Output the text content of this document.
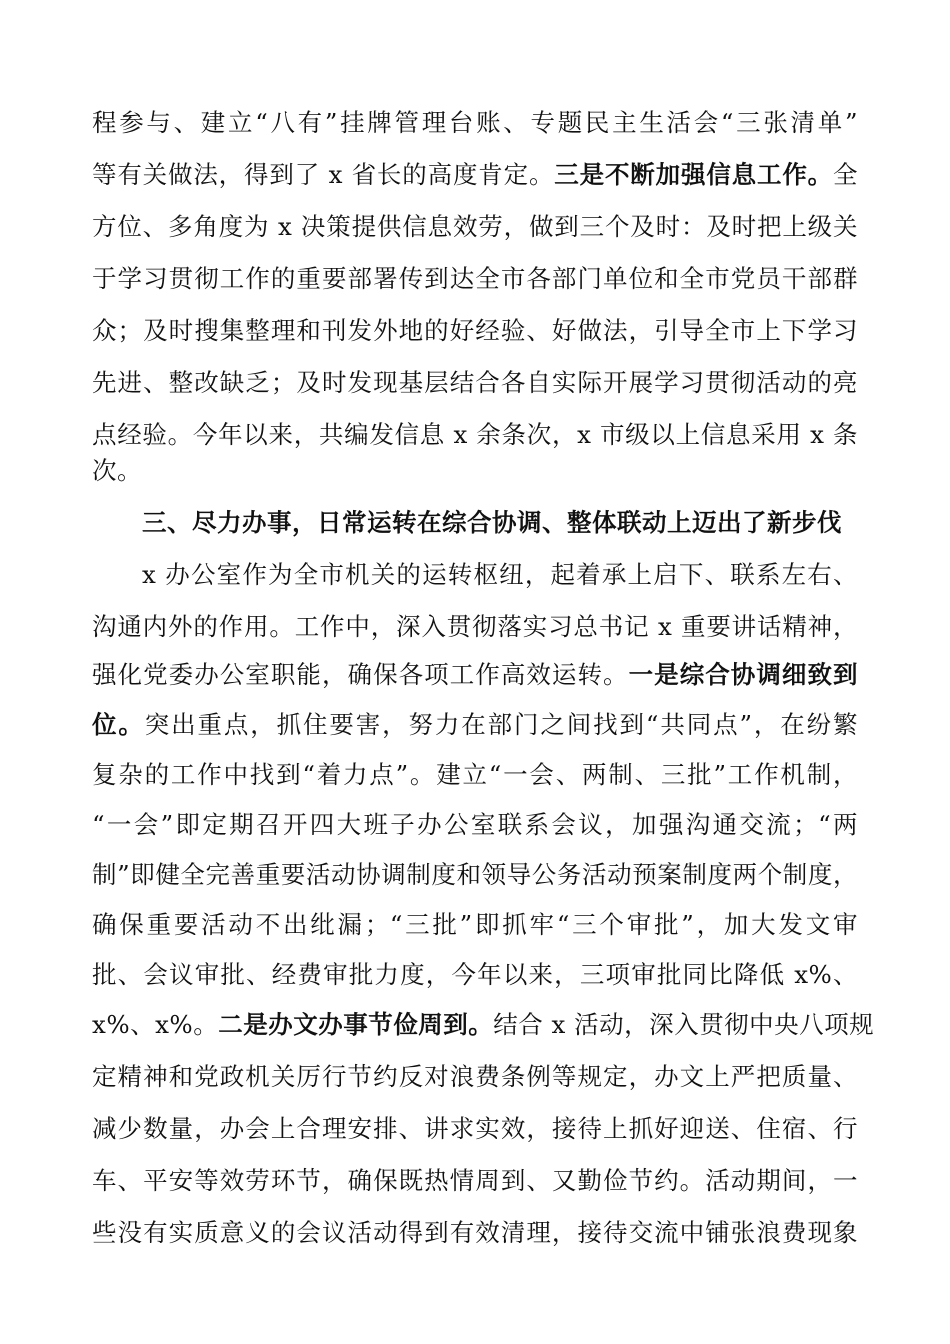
程参与、建立“八有”挂牌管理台账、专题民主生活会“三张清单”
等有关做法，得到了 x 省长的高度肯定。三是不断加强信息工作。全
方位、多角度为 x 决策提供信息效劳，做到三个及时：及时把上级关
于学习贯彻工作的重要部署传到达全市各部门单位和全市党员干部群
众；及时搜集整理和刊发外地的好经验、好做法，引导全市上下学习
先进、整改缺乏；及时发现基层结合各自实际开展学习贯彻活动的亮
点经验。今年以来，共编发信息 x 余条次，x 市级以上信息采用 x 条
次。
三、尽力办事，日常运转在综合协调、整体联动上迈出了新步伐
x 办公室作为全市机关的运转枢纽，起着承上启下、联系左右、
沟通内外的作用。工作中，深入贯彻落实习总书记 x 重要讲话精神，
强化党委办公室职能，确保各项工作高效运转。一是综合协调细致到
位。突出重点，抓住要害，努力在部门之间找到“共同点”，在纷繁
复杂的工作中找到“着力点”。建立“一会、两制、三批”工作机制，
“一会”即定期召开四大班子办公室联系会议，加强沟通交流；“两
制”即健全完善重要活动协调制度和领导公务活动预案制度两个制度，
确保重要活动不出纰漏；“三批”即抓牢“三个审批”，加大发文审
批、会议审批、经费审批力度，今年以来，三项审批同比降低 x%、
x%、x%。二是办文办事节俭周到。结合 x 活动，深入贯彻中央八项规
定精神和党政机关厉行节约反对浪费条例等规定，办文上严把质量、
减少数量，办会上合理安排、讲求实效，接待上抓好迎送、住宿、行
车、平安等效劳环节，确保既热情周到、又勤俭节约。活动期间，一
些没有实质意义的会议活动得到有效清理，接待交流中铺张浪费现象
